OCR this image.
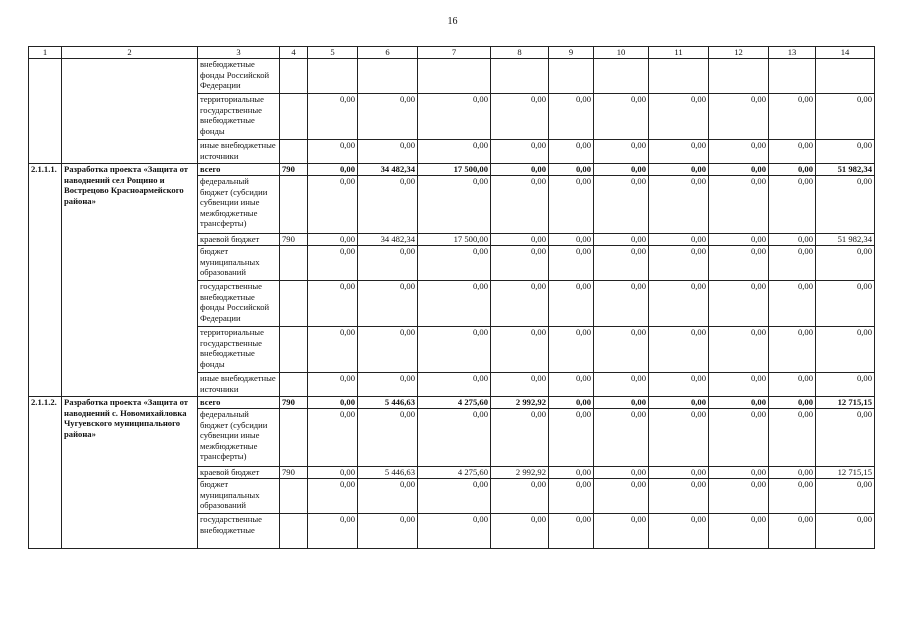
16
1	2	3	4	5	6	7	8	9	10	11	12	13	14
		внебюджетные фонды Российской Федерации											
		территориальные государственные внебюджетные фонды		0,00	0,00	0,00	0,00	0,00	0,00	0,00	0,00	0,00	0,00
		иные внебюджетные источники		0,00	0,00	0,00	0,00	0,00	0,00	0,00	0,00	0,00	0,00
2.1.1.1.	Разработка проекта «Защита от наводнений сел Рощино и Вострецово Красноармейского района»	всего	790	0,00	34 482,34	17 500,00	0,00	0,00	0,00	0,00	0,00	0,00	51 982,34
		федеральный бюджет (субсидии субвенции иные межбюджетные трансферты)		0,00	0,00	0,00	0,00	0,00	0,00	0,00	0,00	0,00	0,00
		краевой бюджет	790	0,00	34 482,34	17 500,00	0,00	0,00	0,00	0,00	0,00	0,00	51 982,34
		бюджет муниципальных образований		0,00	0,00	0,00	0,00	0,00	0,00	0,00	0,00	0,00	0,00
		государственные внебюджетные фонды Российской Федерации		0,00	0,00	0,00	0,00	0,00	0,00	0,00	0,00	0,00	0,00
		территориальные государственные внебюджетные фонды		0,00	0,00	0,00	0,00	0,00	0,00	0,00	0,00	0,00	0,00
		иные внебюджетные источники		0,00	0,00	0,00	0,00	0,00	0,00	0,00	0,00	0,00	0,00
2.1.1.2.	Разработка проекта «Защита от наводнений с. Новомихайловка Чугуевского муниципального района»	всего	790	0,00	5 446,63	4 275,60	2 992,92	0,00	0,00	0,00	0,00	0,00	12 715,15
		федеральный бюджет (субсидии субвенции иные межбюджетные трансферты)		0,00	0,00	0,00	0,00	0,00	0,00	0,00	0,00	0,00	0,00
		краевой бюджет	790	0,00	5 446,63	4 275,60	2 992,92	0,00	0,00	0,00	0,00	0,00	12 715,15
		бюджет муниципальных образований		0,00	0,00	0,00	0,00	0,00	0,00	0,00	0,00	0,00	0,00
		государственные внебюджетные		0,00	0,00	0,00	0,00	0,00	0,00	0,00	0,00	0,00	0,00
